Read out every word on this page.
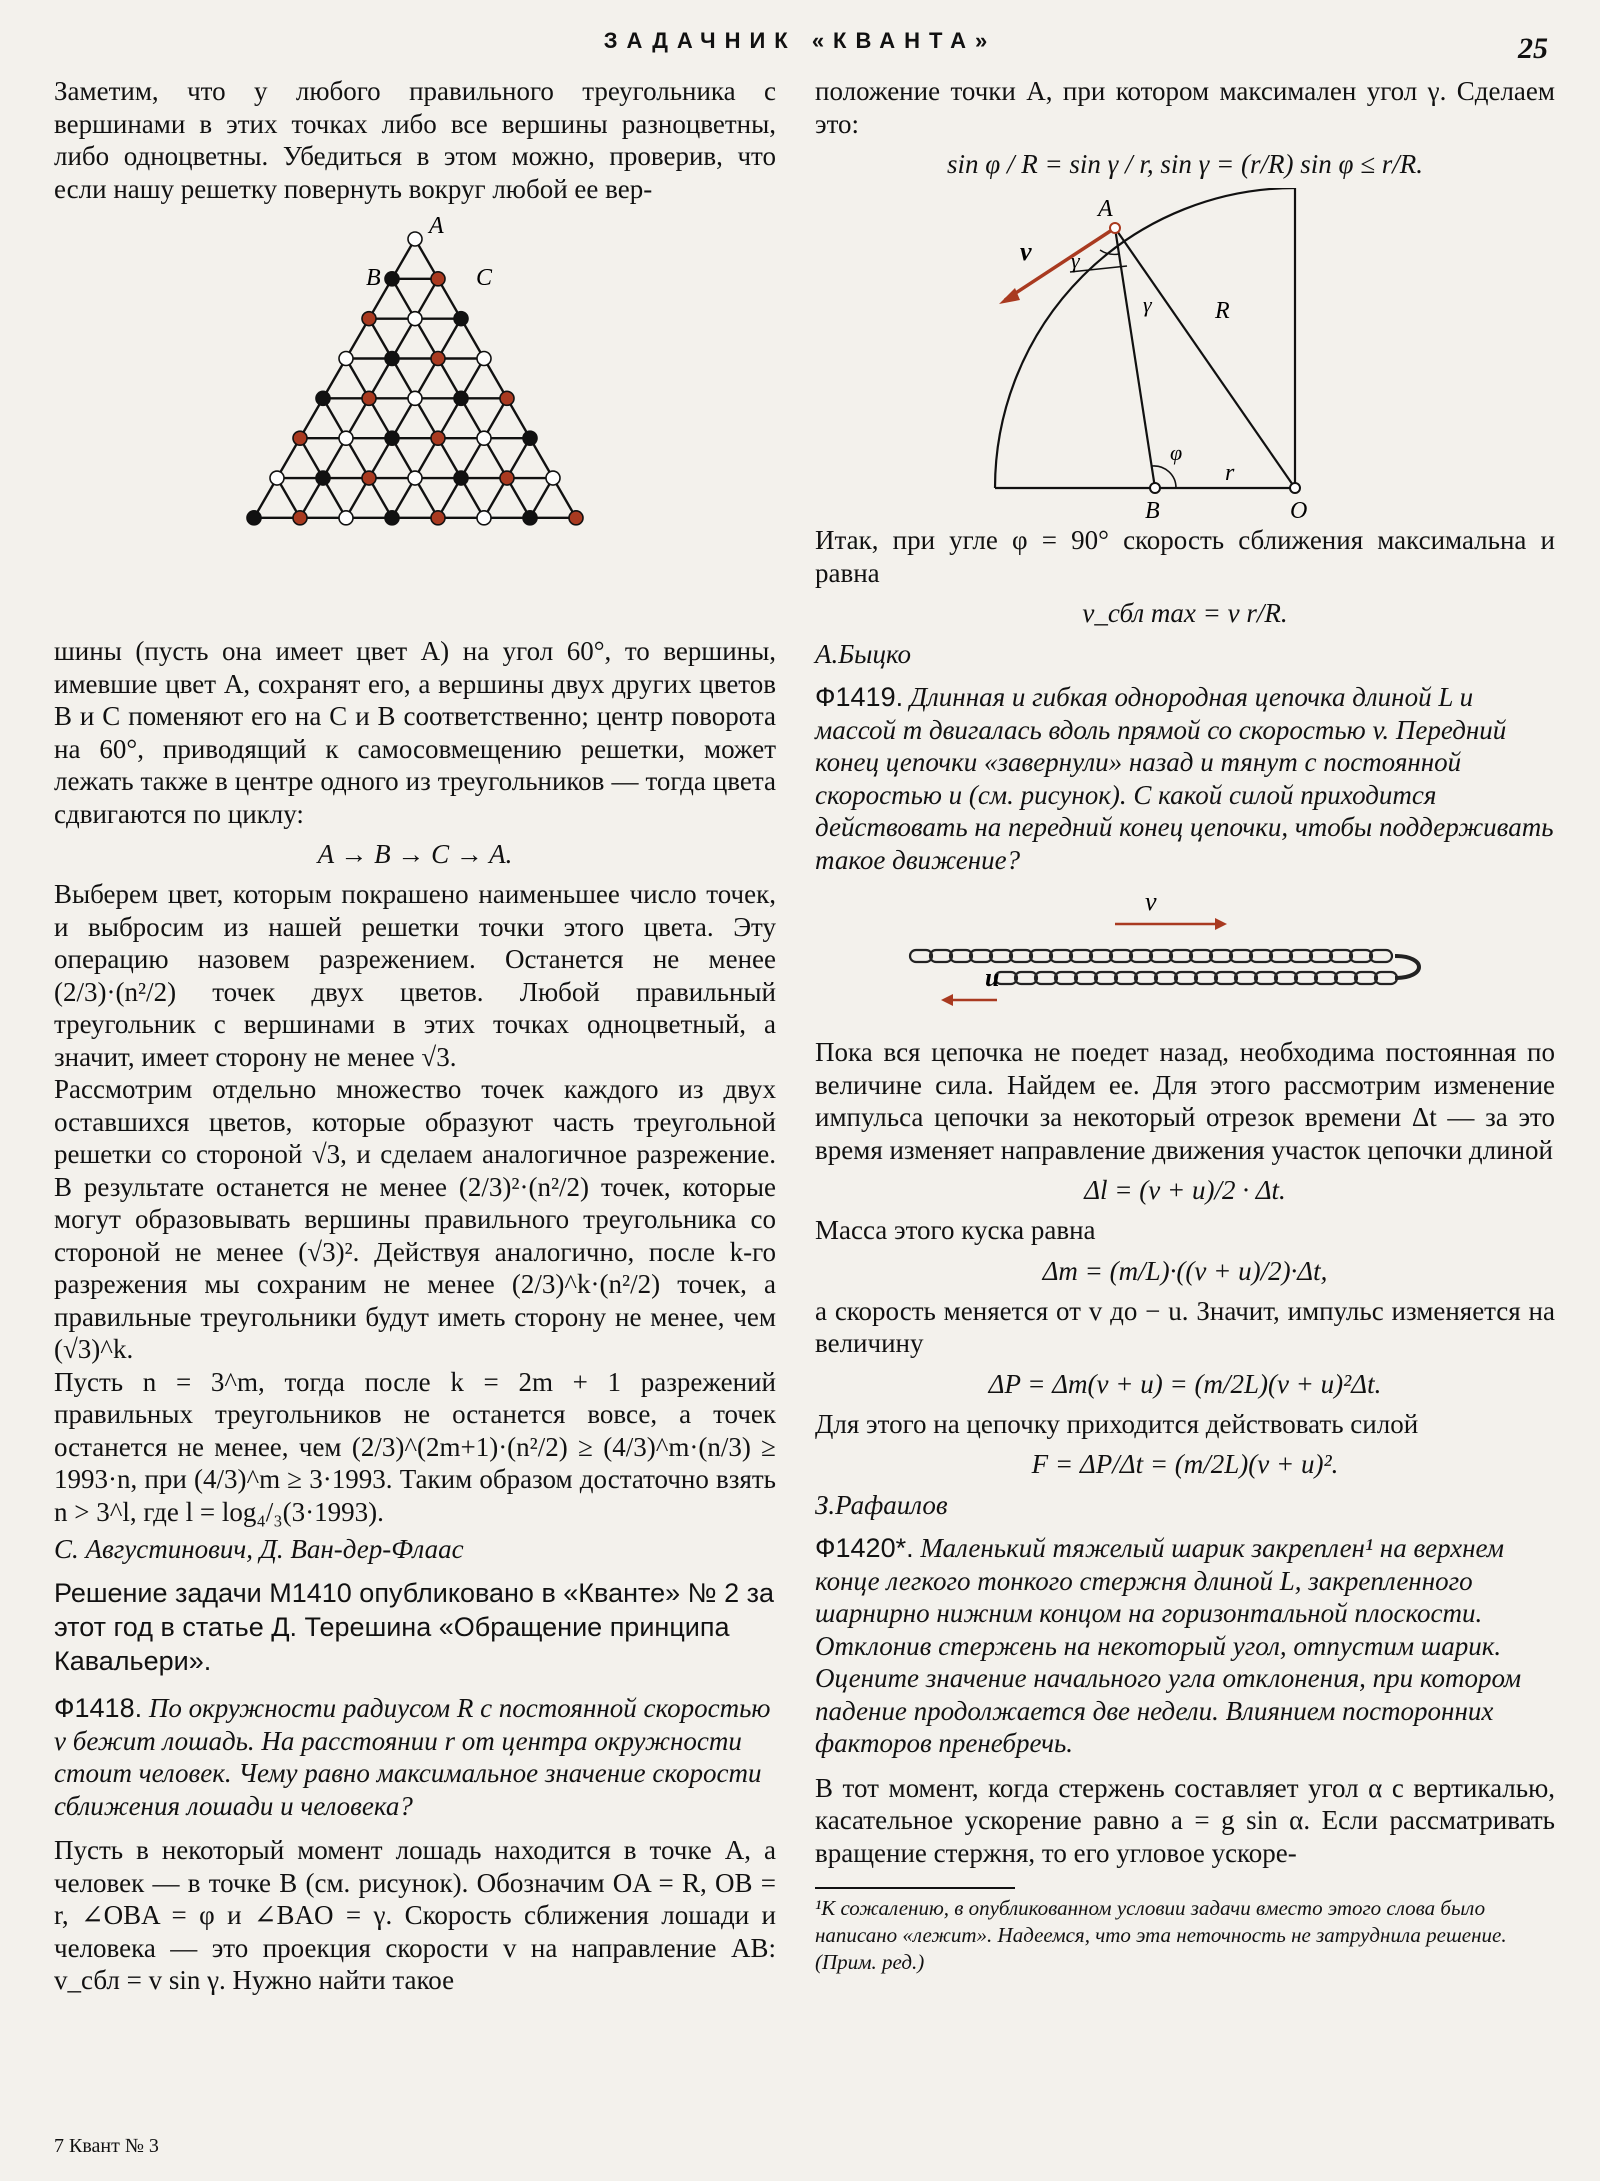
ЗАДАЧНИК «КВАНТА»	25

Заметим, что у любого правильного треугольника с вершинами в этих точках либо все вершины разноцветны, либо одноцветны. Убедиться в этом можно, проверив, что если нашу решетку повернуть вокруг любой ее вер-

A
B	C

шины (пусть она имеет цвет A) на угол 60°, то вершины, имевшие цвет A, сохранят его, а вершины двух других цветов B и C поменяют его на C и B соответственно; центр поворота на 60°, приводящий к самосовмещению решетки, может лежать также в центре одного из треугольников — тогда цвета сдвигаются по циклу:

A → B → C → A.

Выберем цвет, которым покрашено наименьшее число точек, и выбросим из нашей решетки точки этого цвета. Эту операцию назовем разрежением. Останется не менее (2/3)·(n²/2) точек двух цветов. Любой правильный треугольник с вершинами в этих точках одноцветный, а значит, имеет сторону не менее √3.

Рассмотрим отдельно множество точек каждого из двух оставшихся цветов, которые образуют часть треугольной решетки со стороной √3, и сделаем аналогичное разрежение. В результате останется не менее (2/3)²·(n²/2) точек, которые могут образовывать вершины правильного треугольника со стороной не менее (√3)². Действуя аналогично, после k-го разрежения мы сохраним не менее (2/3)^k·(n²/2) точек, а правильные треугольники будут иметь сторону не менее, чем (√3)^k.

Пусть n = 3^m, тогда после k = 2m + 1 разрежений правильных треугольников не останется вовсе, а точек останется не менее, чем (2/3)^(2m+1)·(n²/2) ≥ (4/3)^m·(n/3) ≥ 1993·n, при (4/3)^m ≥ 3·1993. Таким образом достаточно взять n > 3^l, где l = log₄/₃(3·1993).

С. Августинович, Д. Ван-дер-Флаас
Решение задачи М1410 опубликовано в «Кванте» № 2 за этот год в статье Д. Терешина «Обращение принципа Кавальери».
Ф1418. По окружности радиусом R с постоянной скоростью v бежит лошадь. На расстоянии r от центра окружности стоит человек. Чему равно максимальное значение скорости сближения лошади и человека?

Пусть в некоторый момент лошадь находится в точке A, а человек — в точке B (см. рисунок). Обозначим OA = R, OB = r, ∠OBA = φ и ∠BAO = γ. Скорость сближения лошади и человека — это проекция скорости v на направление AB: v_сбл = v sin γ. Нужно найти такое

положение точки A, при котором максимален угол γ. Сделаем это:

sin φ / R = sin γ / r, sin γ = (r/R) sin φ ≤ r/R.
A
B	O
v γ
γ
φ
R
r

Итак, при угле φ = 90° скорость сближения максимальна и равна

v_сбл max = v r/R.
А.Быцко
Ф1419. Длинная и гибкая однородная цепочка длиной L и массой m двигалась вдоль прямой со скоростью v. Передний конец цепочки «завернули» назад и тянут с постоянной скоростью u (см. рисунок). С какой силой приходится действовать на передний конец цепочки, чтобы поддерживать такое движение?
v
u

Пока вся цепочка не поедет назад, необходима постоянная по величине сила. Найдем ее. Для этого рассмотрим изменение импульса цепочки за некоторый отрезок времени Δt — за это время изменяет направление движения участок цепочки длиной

Δl = (v + u)/2 · Δt.

Масса этого куска равна

Δm = (m/L)·((v + u)/2)·Δt,

а скорость меняется от v до − u. Значит, импульс изменяется на величину

ΔP = Δm(v + u) = (m/2L)(v + u)²Δt.

Для этого на цепочку приходится действовать силой

F = ΔP/Δt = (m/2L)(v + u)².
З.Рафаилов
Ф1420*. Маленький тяжелый шарик закреплен¹ на верхнем конце легкого тонкого стержня длиной L, закрепленного шарнирно нижним концом на горизонтальной плоскости. Отклонив стержень на некоторый угол, отпустим шарик. Оцените значение начального угла отклонения, при котором падение продолжается две недели. Влиянием посторонних факторов пренебречь.

В тот момент, когда стержень составляет угол α с вертикалью, касательное ускорение равно a = g sin α. Если рассматривать вращение стержня, то его угловое ускоре-

¹К сожалению, в опубликованном условии задачи вместо этого слова было написано «лежит». Надеемся, что эта неточность не затруднила решение. (Прим. ред.)
7 Квант № 3
